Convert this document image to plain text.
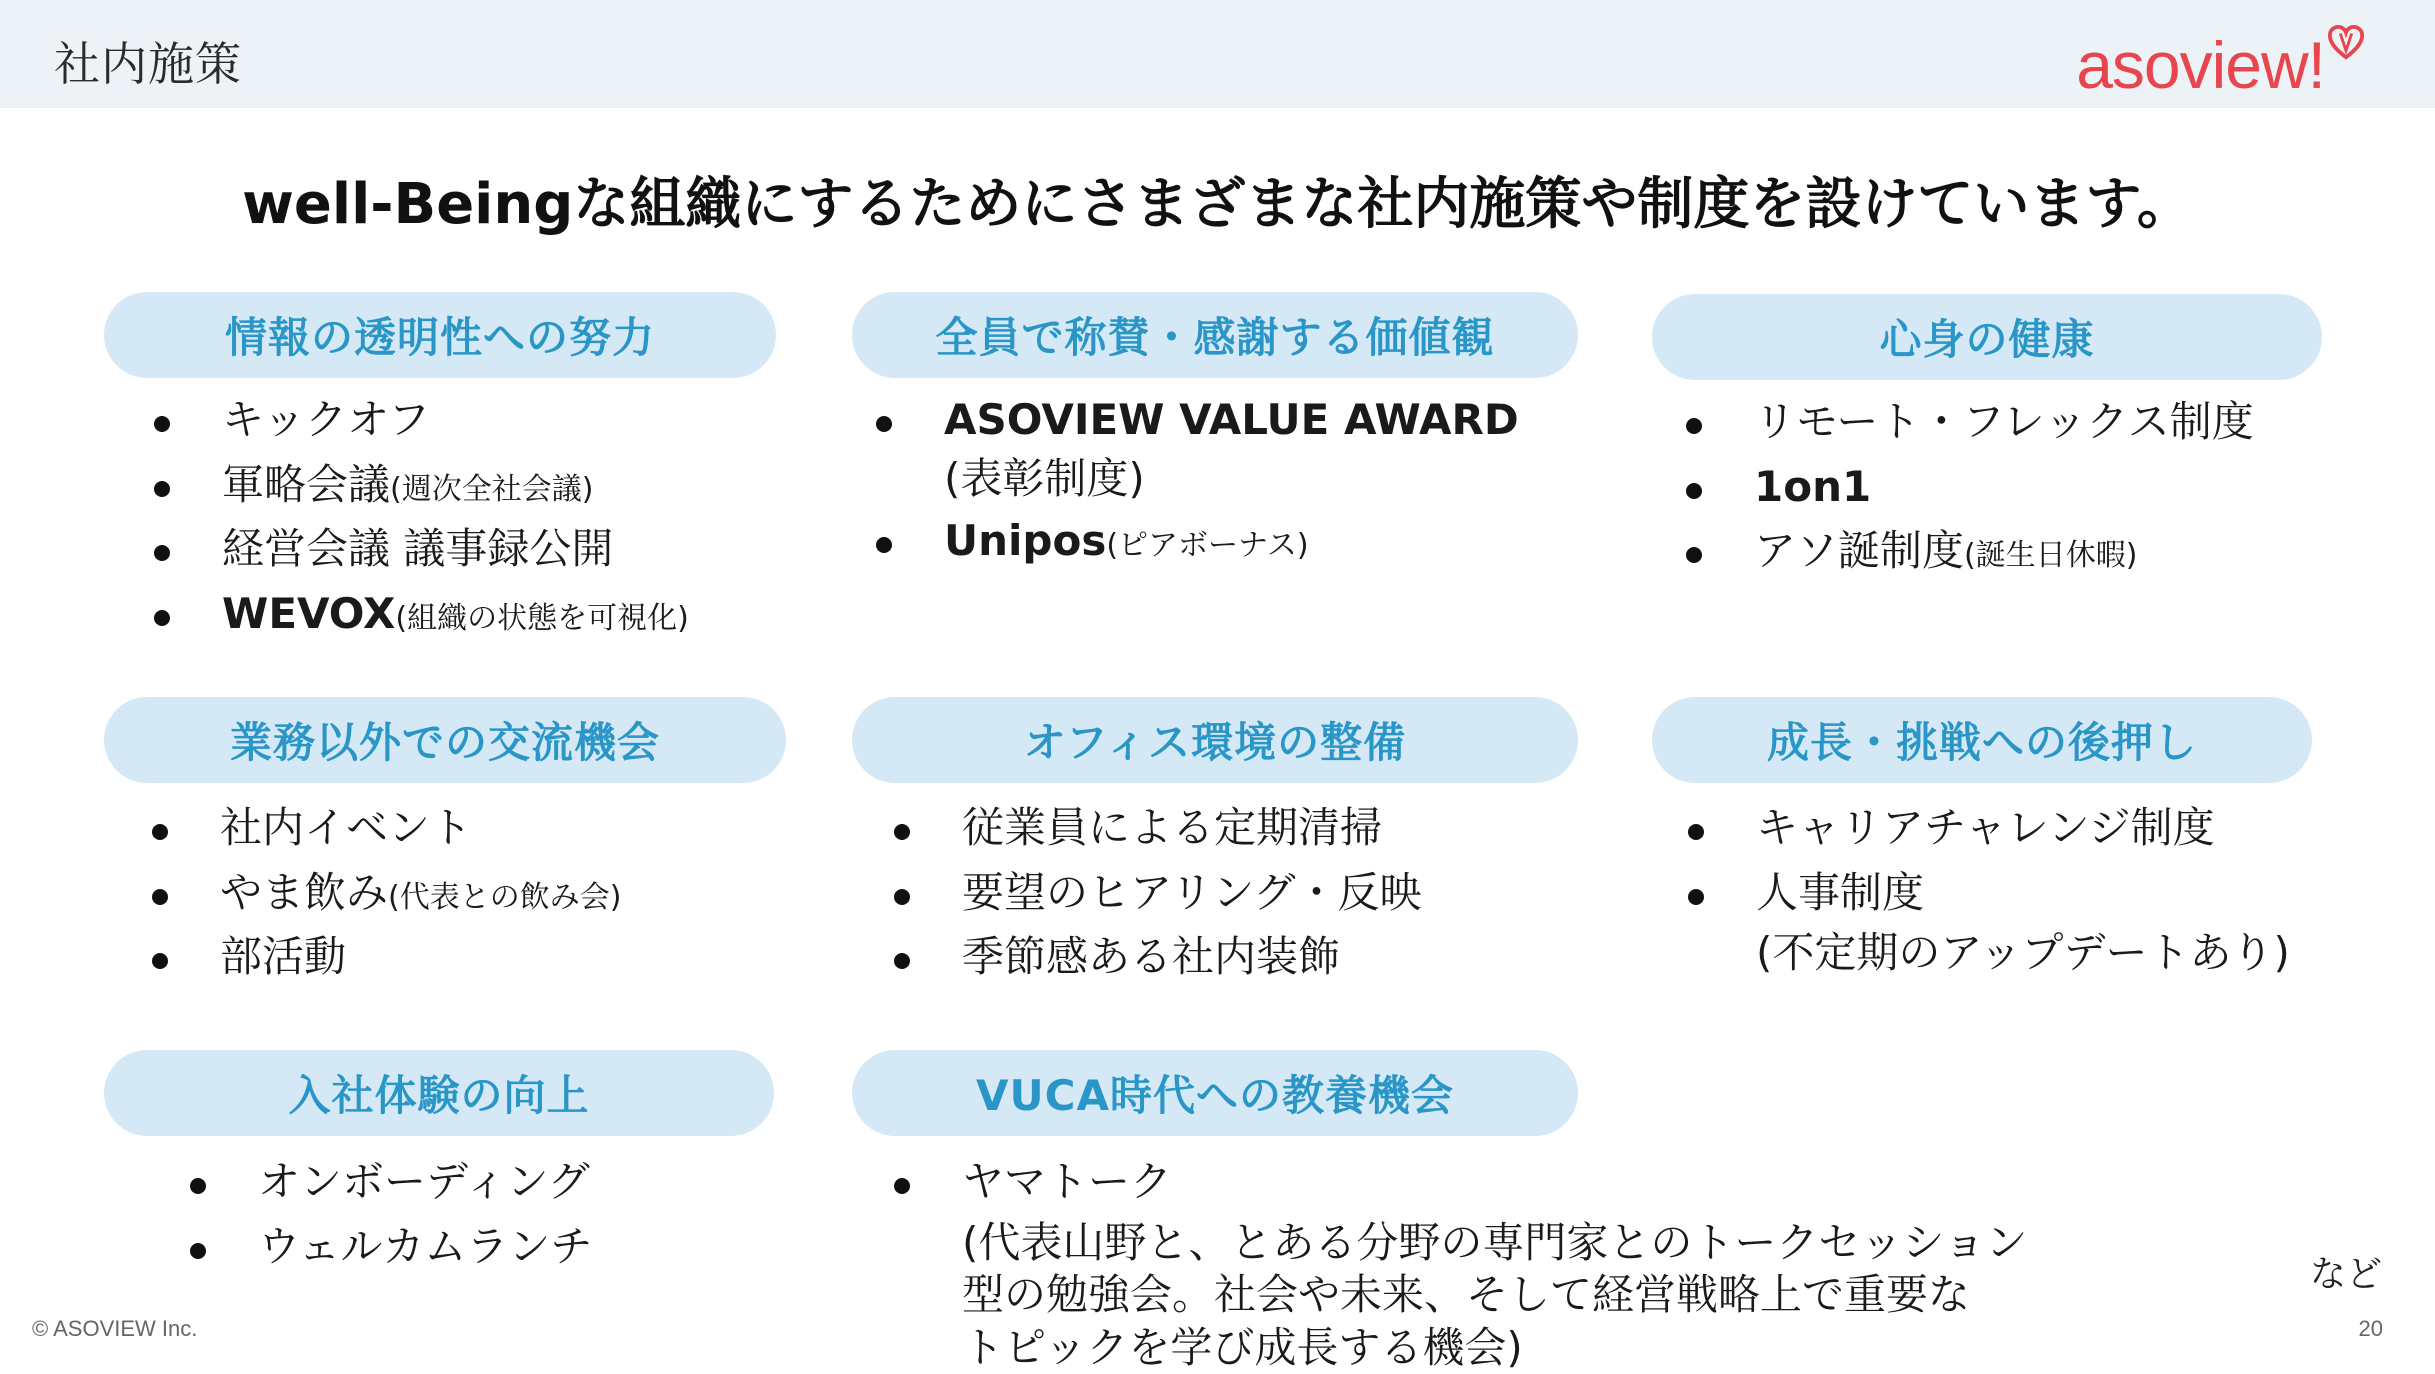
社内施策	asoview!
well-Beingな組織にするためにさまざまな社内施策や制度を設けています。
情報の透明性への努力
キックオフ
軍略会議(週次全社会議)
経営会議 議事録公開
WEVOX(組織の状態を可視化)
全員で称賛・感謝する価値観
ASOVIEW VALUE AWARD
(表彰制度)
Unipos(ピアボーナス)
心身の健康
リモート・フレックス制度
1on1
アソ誕制度(誕生日休暇)
業務以外での交流機会
社内イベント
やま飲み(代表との飲み会)
部活動
オフィス環境の整備
従業員による定期清掃
要望のヒアリング・反映
季節感ある社内装飾
成長・挑戦への後押し
キャリアチャレンジ制度
人事制度
(不定期のアップデートあり)
入社体験の向上
オンボーディング
ウェルカムランチ
VUCA時代への教養機会
ヤマトーク
(代表山野と、とある分野の専門家とのトークセッション
型の勉強会。社会や未来、そして経営戦略上で重要な
トピックを学び成長する機会)
など
© ASOVIEW Inc.	20
